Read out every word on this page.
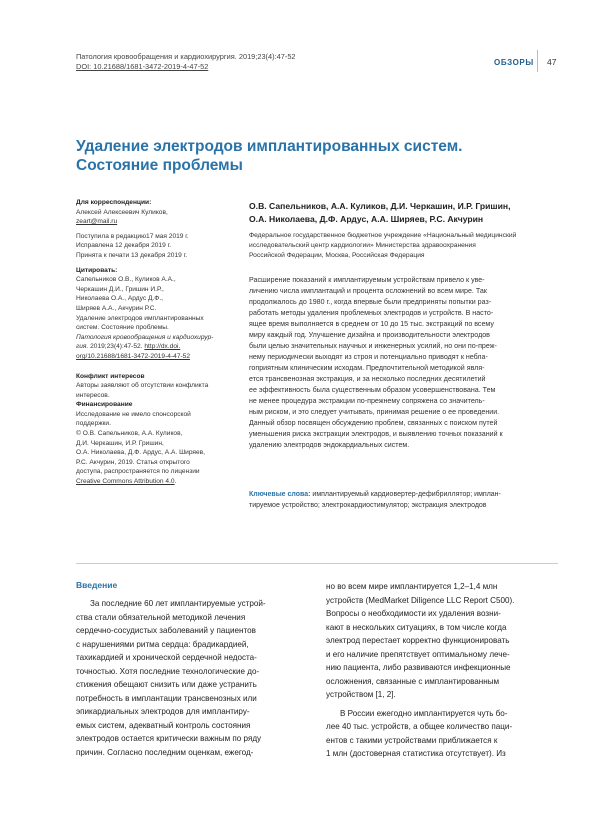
Патология кровообращения и кардиохирургия. 2019;23(4):47-52
DOI: 10.21688/1681-3472-2019-4-47-52	ОБЗОРЫ 47
Удаление электродов имплантированных систем.
Состояние проблемы

Для корреспонденции:

Алексей Алексеевич Куликов,

zeart@mail.ru

Поступила в редакцию17 мая 2019 г.

Исправлена 12 декабря 2019 г.

Принята к печати 13 декабря 2019 г.

Цитировать:

Сапельников О.В., Куликов А.А.,

Черкашин Д.И., Гришин И.Р.,

Николаева О.А., Ардус Д.Ф.,

Ширяев А.А., Акчурин Р.С.

Удаление электродов имплантированных

систем. Состояние проблемы.

Патология кровообращения и кардиохирур-

гия. 2019;23(4):47-52. http://dx.doi.

org/10.21688/1681-3472-2019-4-47-52

Конфликт интересов

Авторы заявляют об отсутствии конфликта

интересов.

Финансирование

Исследование не имело спонсорской

поддержки.

© О.В. Сапельников, А.А. Куликов,

Д.И. Черкашин, И.Р. Гришин,

О.А. Николаева, Д.Ф. Ардус, А.А. Ширяев,

Р.С. Акчурин, 2019. Статья открытого

доступа, распространяется по лицензии

Creative Commons Attribution 4.0.

О.В. Сапельников, А.А. Куликов, Д.И. Черкашин, И.Р. Гришин,
О.А. Николаева, Д.Ф. Ардус, А.А. Ширяев, Р.С. Акчурин
Федеральное государственное бюджетное учреждение «Национальный медицинский
исследовательский центр кардиологии» Министерства здравоохранения
Российской Федерации, Москва, Российская Федерация
Расширение показаний к имплантируемым устройствам привело к уве-
личению числа имплантаций и процента осложнений во всем мире. Так
продолжалось до 1980 г., когда впервые были предприняты попытки раз-
работать методы удаления проблемных электродов и устройств. В наcто-
ящее время выполняется в среднем от 10 до 15 тыс. экстракций по всему
миру каждый год. Улучшение дизайна и производительности электродов
были целью значительных научных и инженерных усилий, но они по-преж-
нему периодически выходят из строя и потенциально приводят к небла-
гоприятным клиническим исходам. Предпочтительной методикой явля-
ется трансвенозная экстракция, и за несколько последних десятилетий
ее эффективность была существенным образом усовершенствована. Тем
не менее процедура экстракции по-прежнему сопряжена со значитель-
ным риском, и это следует учитывать, принимая решение о ее проведении.
Данный обзор посвящен обсуждению проблем, связанных с поиском путей
уменьшения риска экстракции электродов, и выявлению точных показаний к
удалению электродов эндокардиальных систем.
Ключевые слова: имплантируемый кардиовертер-дефибриллятор; имплан-
тируемое устройство; электрокардиостимулятор; экстракция электродов
Введение

За последние 60 лет имплантируемые устрой-

ства стали обязательной методикой лечения

сердечно-сосудистых заболеваний у пациентов

с нарушениями ритма сердца: брадикардией,

тахикардией и хронической сердечной недоста-

точностью. Хотя последние технологические до-

стижения обещают снизить или даже устранить

потребность в имплантации трансвенозных или

эпикардиальных электродов для имплантиру-

емых систем, адекватный контроль состояния

электродов остается критически важным по ряду

причин. Согласно последним оценкам, ежегод-

но во всем мире имплантируется 1,2–1,4 млн

устройств (MedMarket Diligence LLC Report C500).

Вопросы о необходимости их удаления возни-

кают в нескольких ситуациях, в том числе когда

электрод перестает корректно функционировать

и его наличие препятствует оптимальному лече-

нию пациента, либо развиваются инфекционные

осложнения, связанные с имплантированным

устройством [1, 2].

В России ежегодно имплантируется чуть бо-

лее 40 тыс. устройств, а общее количество паци-

ентов с такими устройствами приближается к

1 млн (достоверная статистика отсутствует). Из
